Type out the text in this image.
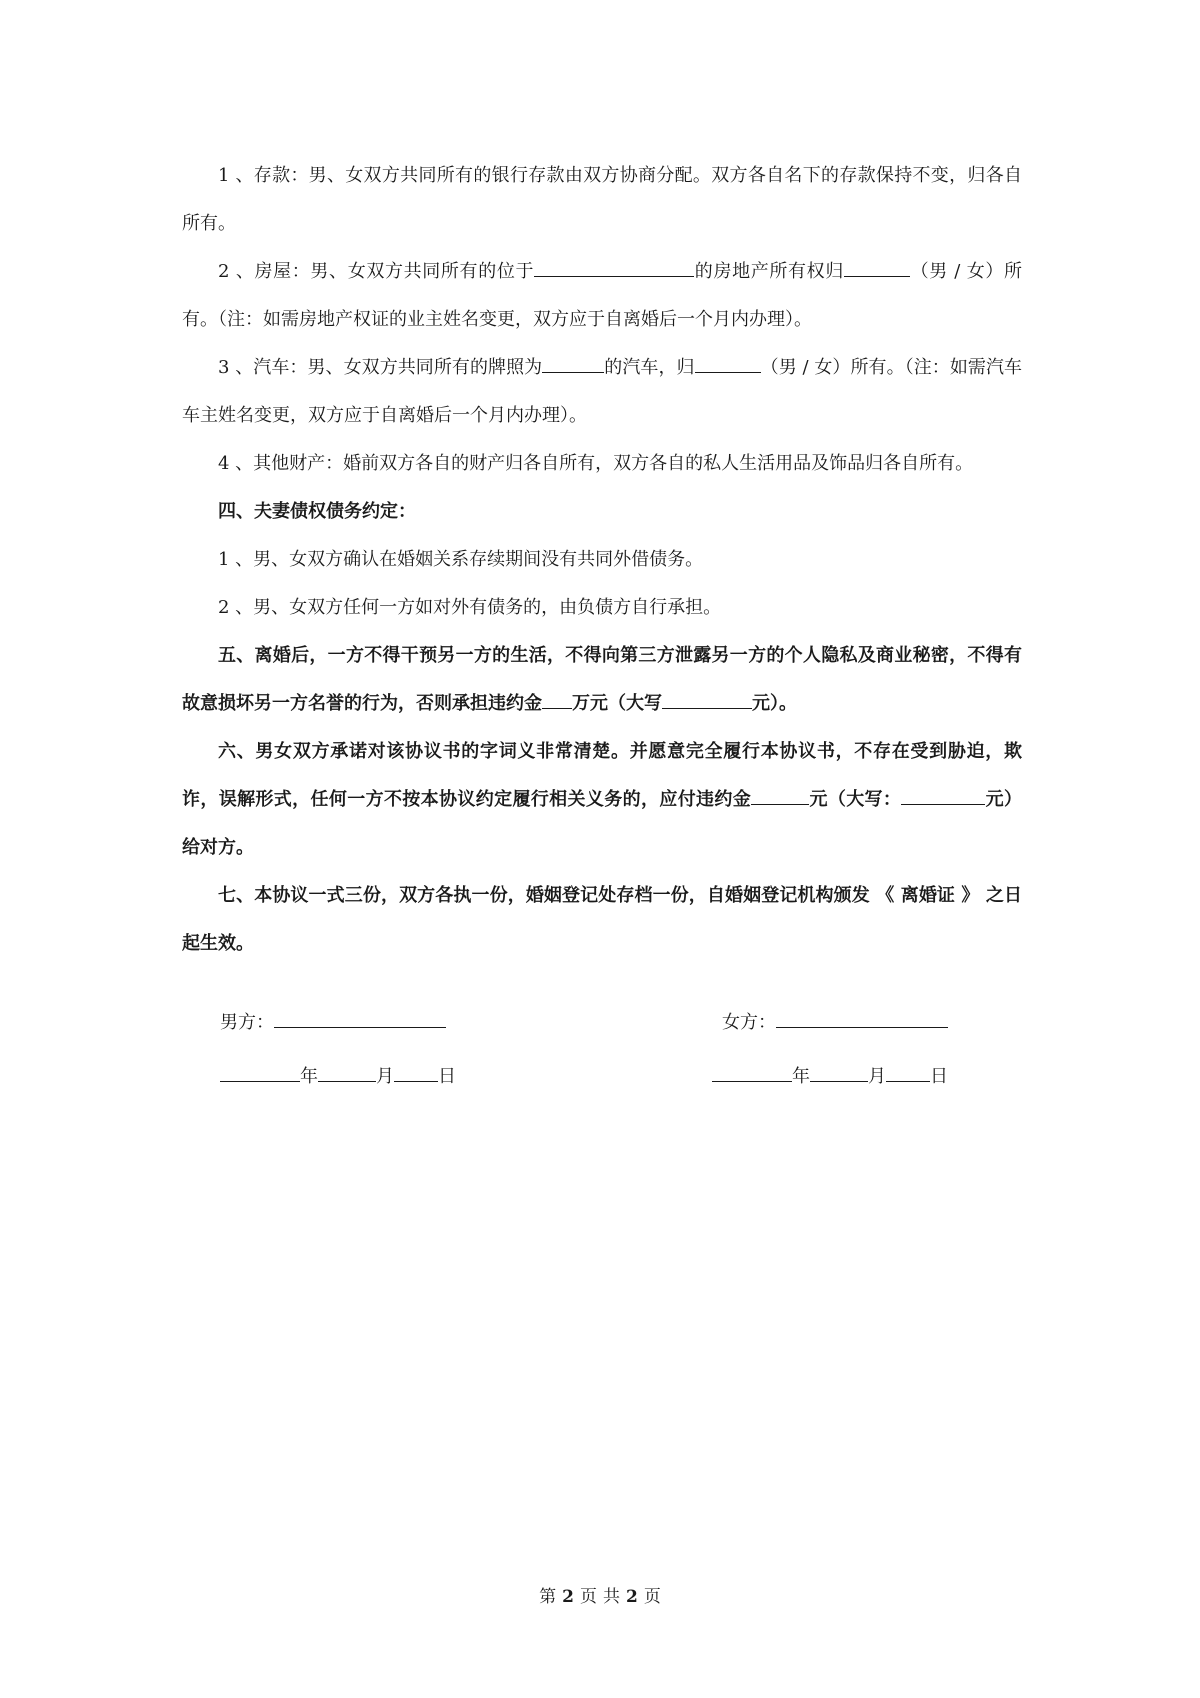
1 、存款：男、女双方共同所有的银行存款由双方协商分配。双方各自名下的存款保持不变，归各自所有。

2 、房屋：男、女双方共同所有的位于	的房地产所有权归	（男 / 女）所有。（注：如需房地产权证的业主姓名变更，双方应于自离婚后一个月内办理）。

3 、汽车：男、女双方共同所有的牌照为	的汽车，归	（男 / 女）所有。（注：如需汽车车主姓名变更，双方应于自离婚后一个月内办理）。

4 、其他财产：婚前双方各自的财产归各自所有，双方各自的私人生活用品及饰品归各自所有。

四、夫妻债权债务约定：

1 、男、女双方确认在婚姻关系存续期间没有共同外借债务。

2 、男、女双方任何一方如对外有债务的，由负债方自行承担。

五、离婚后，一方不得干预另一方的生活，不得向第三方泄露另一方的个人隐私及商业秘密，不得有故意损坏另一方名誉的行为，否则承担违约金 万元（大写	元）。

六、男女双方承诺对该协议书的字词义非常清楚。并愿意完全履行本协议书，不存在受到胁迫，欺诈，误解形式，任何一方不按本协议约定履行相关义务的，应付违约金	元（大写：	元）给对方。

七、本协议一式三份，双方各执一份，婚姻登记处存档一份，自婚姻登记机构颁发 《 离婚证 》 之日起生效。

男方：	女方：
年	月 日	年	月 日
第 2 页 共 2 页
